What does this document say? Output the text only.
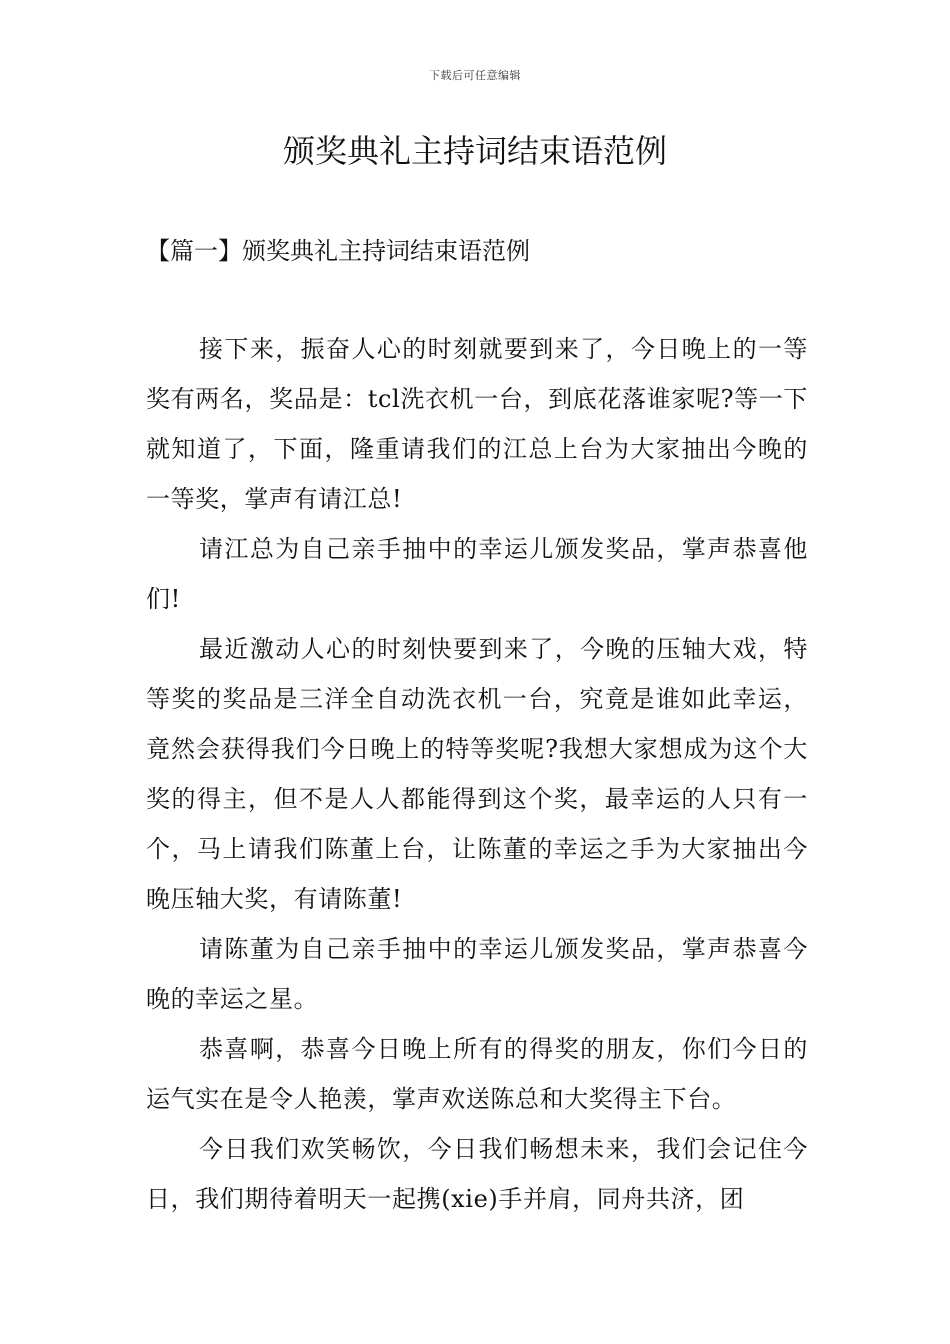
下载后可任意编辑
颁奖典礼主持词结束语范例
【篇一】颁奖典礼主持词结束语范例

接下来，振奋人心的时刻就要到来了，今日晚上的一等奖有两名，奖品是：tcl洗衣机一台，到底花落谁家呢?等一下就知道了，下面，隆重请我们的江总上台为大家抽出今晚的一等奖，掌声有请江总!

请江总为自己亲手抽中的幸运儿颁发奖品，掌声恭喜他们!

最近激动人心的时刻快要到来了，今晚的压轴大戏，特等奖的奖品是三洋全自动洗衣机一台，究竟是谁如此幸运，竟然会获得我们今日晚上的特等奖呢?我想大家想成为这个大奖的得主，但不是人人都能得到这个奖，最幸运的人只有一个，马上请我们陈董上台，让陈董的幸运之手为大家抽出今晚压轴大奖，有请陈董!

请陈董为自己亲手抽中的幸运儿颁发奖品，掌声恭喜今晚的幸运之星。

恭喜啊，恭喜今日晚上所有的得奖的朋友，你们今日的运气实在是令人艳羡，掌声欢送陈总和大奖得主下台。

今日我们欢笑畅饮，今日我们畅想未来，我们会记住今日，我们期待着明天一起携(xie)手并肩，同舟共济，团
